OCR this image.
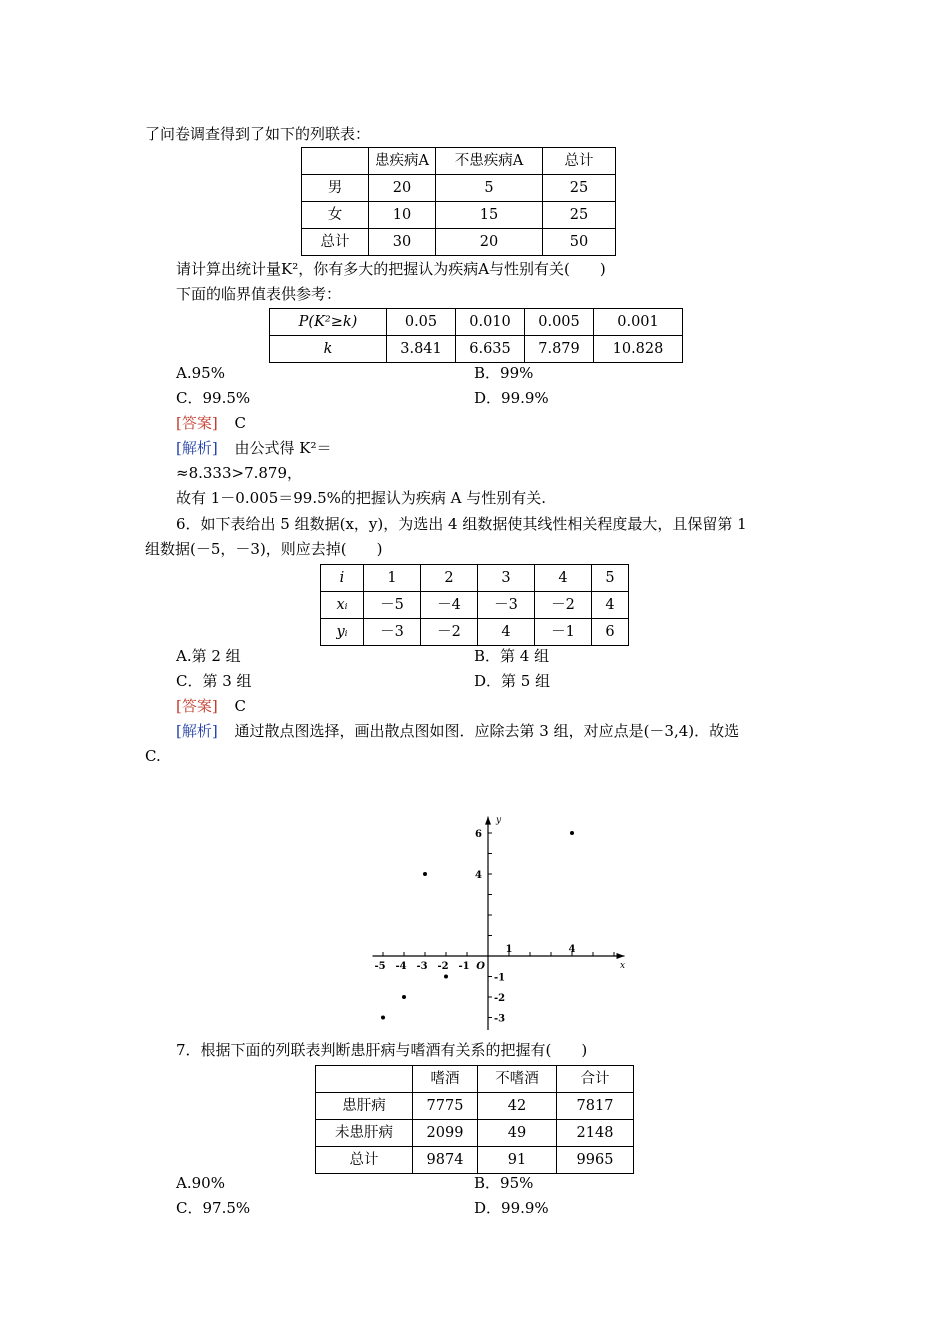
了问卷调查得到了如下的列联表：
	患疾病A	不患疾病A	总计
男	20	5	25
女	10	15	25
总计	30	20	50
请计算出统计量K²，你有多大的把握认为疾病A与性别有关(　　)
下面的临界值表供参考：
P(K²≥k)	0.05	0.010	0.005	0.001
k	3.841	6.635	7.879	10.828
A.95%	B．99%
C．99.5%	D．99.9%
[答案] C
[解析] 由公式得 K²＝
≈8.333>7.879，
故有 1－0.005＝99.5%的把握认为疾病 A 与性别有关.
6．如下表给出 5 组数据(x，y)，为选出 4 组数据使其线性相关程度最大，且保留第 1
组数据(－5，－3)，则应去掉(　　)
i	1	2	3	4	5
xᵢ	－5	－4	－3	－2	4
yᵢ	－3	－2	4	－1	6
A.第 2 组	B．第 4 组
C．第 3 组	D．第 5 组
[答案] C
[解析] 通过散点图选择，画出散点图如图．应除去第 3 组，对应点是(－3,4)．故选
C.
-5 -4 -3 -2 -1
1	4
6
4
-1
-2
-3
O	x
y
7．根据下面的列联表判断患肝病与嗜酒有关系的把握有(　　)
	嗜酒	不嗜酒	合计
患肝病	7775	42	7817
未患肝病	2099	49	2148
总计	9874	91	9965
A.90%	B．95%
C．97.5%	D．99.9%
